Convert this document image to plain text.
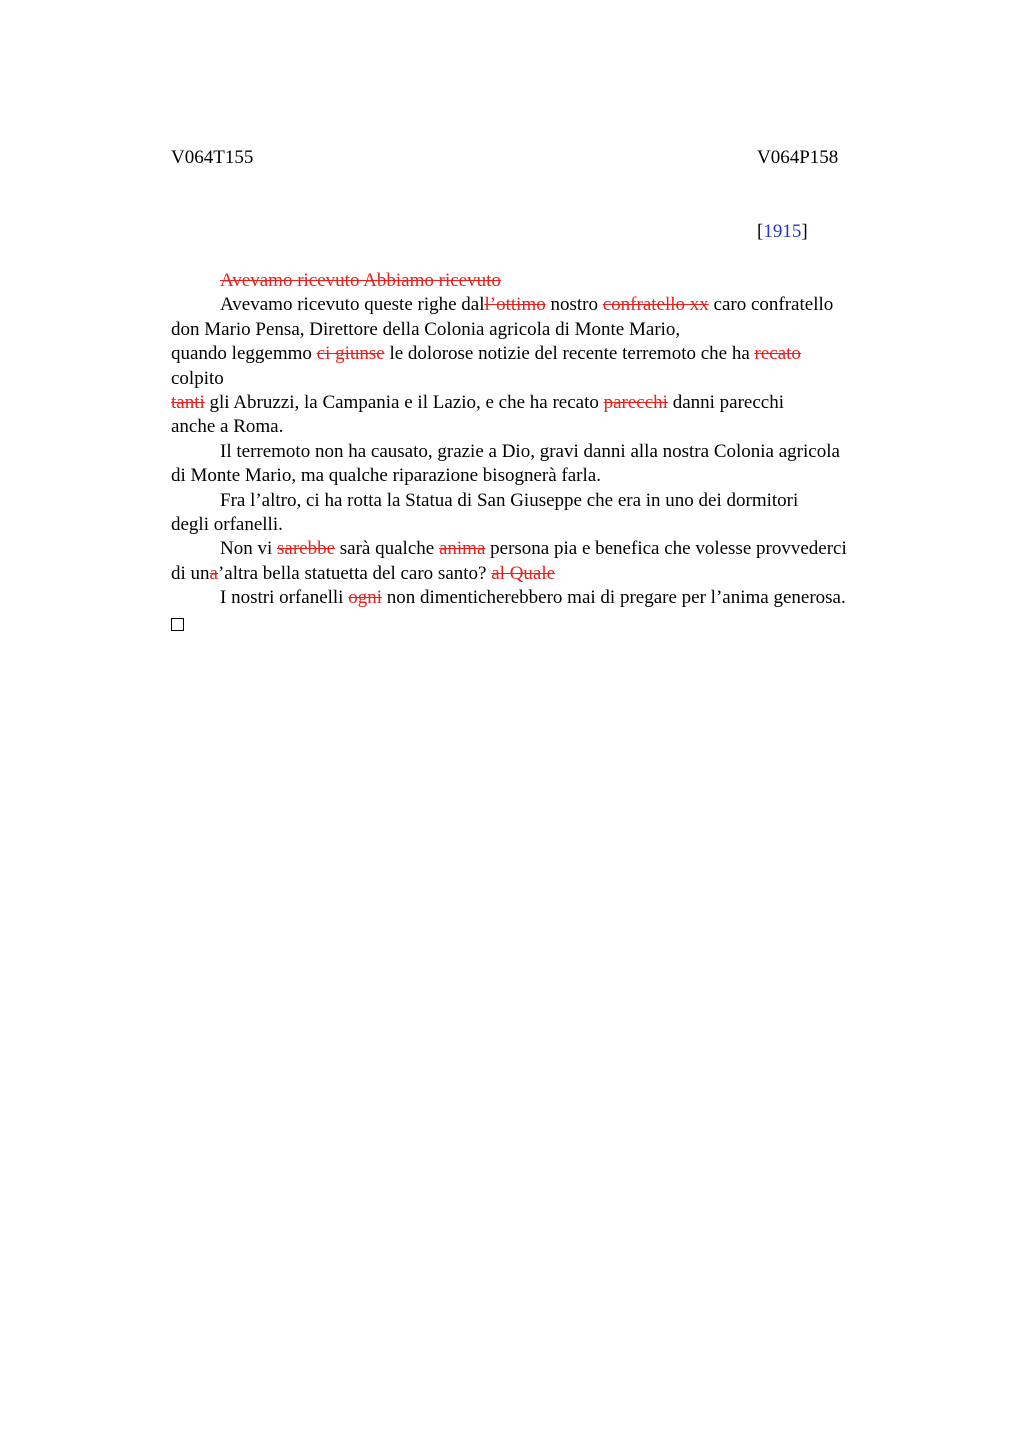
V064T155	V064P158
[1915]
Avevamo ricevuto Abbiamo ricevuto
Avevamo ricevuto queste righe dall’ottimo nostro confratello xx caro confratello
don Mario Pensa, Direttore della Colonia agricola di Monte Mario,
quando leggemmo ci giunse le dolorose notizie del recente terremoto che ha recato
colpito
tanti gli Abruzzi, la Campania e il Lazio, e che ha recato parecchi danni parecchi
anche a Roma.
Il terremoto non ha causato, grazie a Dio, gravi danni alla nostra Colonia agricola
di Monte Mario, ma qualche riparazione bisognerà farla.
Fra l’altro, ci ha rotta la Statua di San Giuseppe che era in uno dei dormitori
degli orfanelli.
Non vi sarebbe sarà qualche anima persona pia e benefica che volesse provvederci
di una’altra bella statuetta del caro santo? al Quale
I nostri orfanelli ogni non dimenticherebbero mai di pregare per l’anima generosa.
